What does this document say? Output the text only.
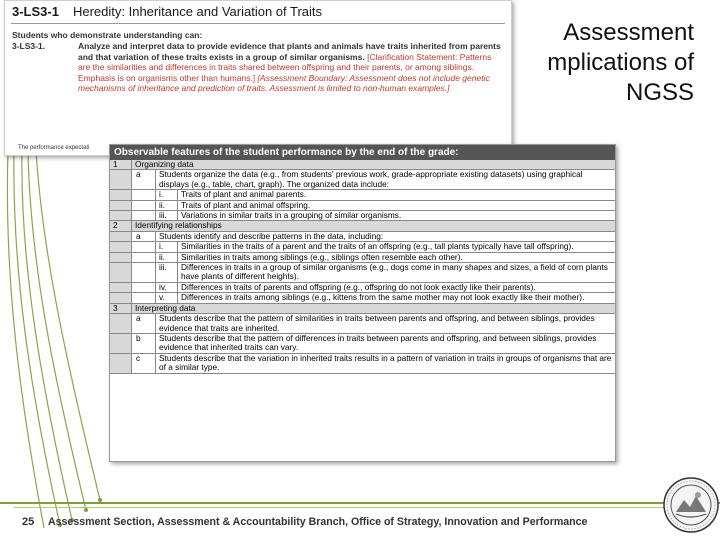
3-LS3-1 Heredity: Inheritance and Variation of Traits
Students who demonstrate understanding can:
3-LS3-1.	Analyze and interpret data to provide evidence that plants and animals have traits inherited from parents and that variation of these traits exists in a group of similar organisms. [Clarification Statement: Patterns are the similarities and differences in traits shared between offspring and their parents, or among siblings. Emphasis is on organisms other than humans.] [Assessment Boundary: Assessment does not include genetic mechanisms of inheritance and prediction of traits. Assessment is limited to non-human examples.]
The performance expectati
Assessment
mplications of
NGSS
Observable features of the student performance by the end of the grade:
1	Organizing data
a	Students organize the data (e.g., from students' previous work, grade-appropriate existing datasets) using graphical displays (e.g., table, chart, graph). The organized data include:
i.	Traits of plant and animal parents.
ii.	Traits of plant and animal offspring.
iii.	Variations in similar traits in a grouping of similar organisms.
2	Identifying relationships
a	Students identify and describe patterns in the data, including:
i.	Similarities in the traits of a parent and the traits of an offspring (e.g., tall plants typically have tall offspring).
ii.	Similarities in traits among siblings (e.g., siblings often resemble each other).
iii.	Differences in traits in a group of similar organisms (e.g., dogs come in many shapes and sizes, a field of corn plants have plants of different heights).
iv.	Differences in traits of parents and offspring (e.g., offspring do not look exactly like their parents).
v.	Differences in traits among siblings (e.g., kittens from the same mother may not look exactly like their mother).
3	Interpreting data
a	Students describe that the pattern of similarities in traits between parents and offspring, and between siblings, provides evidence that traits are inherited.
b	Students describe that the pattern of differences in traits between parents and offspring, and between siblings, provides evidence that inherited traits can vary.
c	Students describe that the variation in inherited traits results in a pattern of variation in traits in groups of organisms that are of a similar type.
25 Assessment Section, Assessment & Accountability Branch, Office of Strategy, Innovation and Performance
